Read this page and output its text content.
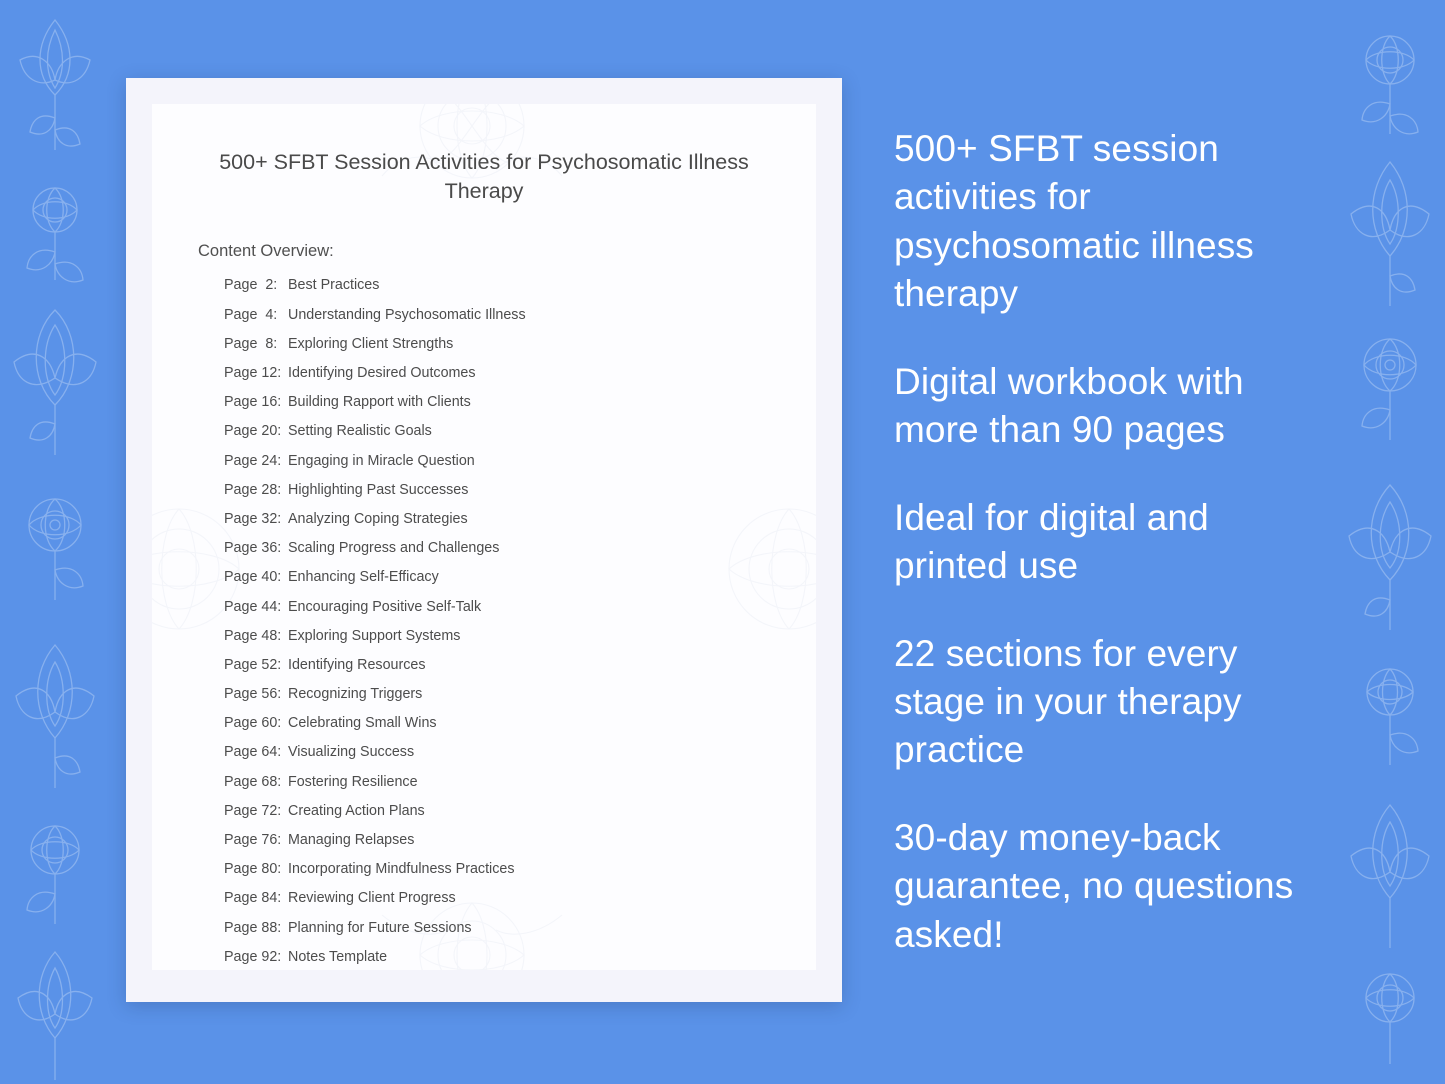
500+ SFBT Session Activities for Psychosomatic Illness Therapy
Content Overview:
Page  2: Best Practices
Page  4: Understanding Psychosomatic Illness
Page  8: Exploring Client Strengths
Page 12: Identifying Desired Outcomes
Page 16: Building Rapport with Clients
Page 20: Setting Realistic Goals
Page 24: Engaging in Miracle Question
Page 28: Highlighting Past Successes
Page 32: Analyzing Coping Strategies
Page 36: Scaling Progress and Challenges
Page 40: Enhancing Self-Efficacy
Page 44: Encouraging Positive Self-Talk
Page 48: Exploring Support Systems
Page 52: Identifying Resources
Page 56: Recognizing Triggers
Page 60: Celebrating Small Wins
Page 64: Visualizing Success
Page 68: Fostering Resilience
Page 72: Creating Action Plans
Page 76: Managing Relapses
Page 80: Incorporating Mindfulness Practices
Page 84: Reviewing Client Progress
Page 88: Planning for Future Sessions
Page 92: Notes Template
500+ SFBT session activities for psychosomatic illness therapy
Digital workbook with more than 90 pages
Ideal for digital and printed use
22 sections for every stage in your therapy practice
30-day money-back guarantee, no questions asked!
